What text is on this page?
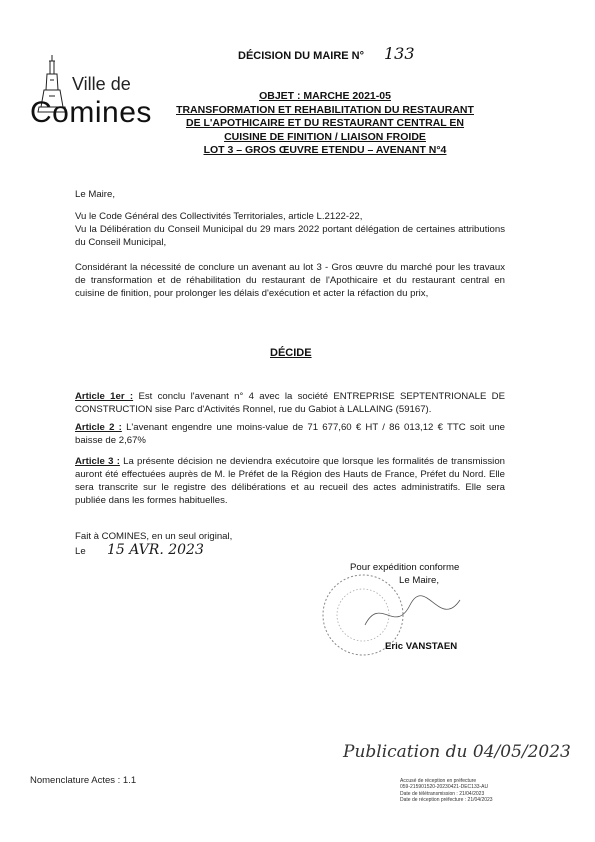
Ville de
Comines
DÉCISION DU MAIRE N° 133
OBJET : MARCHE 2021-05
TRANSFORMATION ET REHABILITATION DU RESTAURANT
DE L'APOTHICAIRE ET DU RESTAURANT CENTRAL EN
CUISINE DE FINITION / LIAISON FROIDE
LOT 3 – GROS ŒUVRE ETENDU – AVENANT N°4
Le Maire,
Vu le Code Général des Collectivités Territoriales, article L.2122-22,
Vu la Délibération du Conseil Municipal du 29 mars 2022 portant délégation de certaines attributions du Conseil Municipal,
Considérant la nécessité de conclure un avenant au lot 3 - Gros œuvre du marché pour les travaux de transformation et de réhabilitation du restaurant de l'Apothicaire et du restaurant central en cuisine de finition, pour prolonger les délais d'exécution et acter la réfaction du prix,
DÉCIDE
Article 1er : Est conclu l'avenant n° 4 avec la société ENTREPRISE SEPTENTRIONALE DE CONSTRUCTION sise Parc d'Activités Ronnel, rue du Gabiot à LALLAING (59167).
Article 2 : L'avenant engendre une moins-value de 71 677,60 € HT / 86 013,12 € TTC soit une baisse de 2,67%
Article 3 : La présente décision ne deviendra exécutoire que lorsque les formalités de transmission auront été effectuées auprès de M. le Préfet de la Région des Hauts de France, Préfet du Nord. Elle sera transcrite sur le registre des délibérations et au recueil des actes administratifs. Elle sera publiée dans les formes habituelles.
Fait à COMINES, en un seul original,
Le 15 AVR. 2023
Pour expédition conforme
Le Maire,
Eric VANSTAEN
Nomenclature Actes : 1.1
Publication du 04/05/2023
Accusé de réception en préfecture
059-215901520-20230421-DEC133-AU
Date de télétransmission : 21/04/2023
Date de réception préfecture : 21/04/2023
